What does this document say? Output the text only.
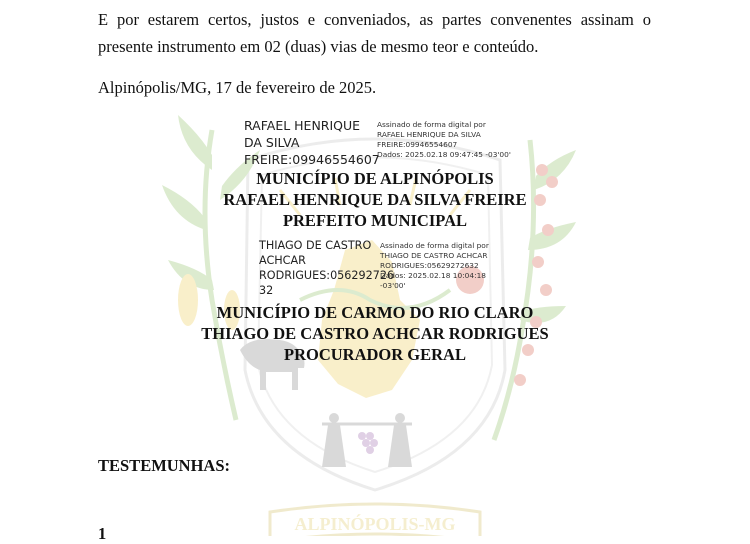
ALPINÓPOLIS-MG
E por estarem certos, justos e conveniados, as partes convenentes assinam o presente instrumento em 02 (duas) vias de mesmo teor e conteúdo.
Alpinópolis/MG, 17 de fevereiro de 2025.
RAFAEL HENRIQUE
DA SILVA
FREIRE:09946554607
Assinado de forma digital por
RAFAEL HENRIQUE DA SILVA
FREIRE:09946554607
Dados: 2025.02.18 09:47:45 -03'00'
MUNICÍPIO DE ALPINÓPOLIS
RAFAEL HENRIQUE DA SILVA FREIRE
PREFEITO MUNICIPAL
THIAGO DE CASTRO
ACHCAR
RODRIGUES:056292726
32
Assinado de forma digital por
THIAGO DE CASTRO ACHCAR
RODRIGUES:05629272632
Dados: 2025.02.18 10:04:18
-03'00'
MUNICÍPIO DE CARMO DO RIO CLARO
THIAGO DE CASTRO ACHCAR RODRIGUES
PROCURADOR GERAL
TESTEMUNHAS:
1
